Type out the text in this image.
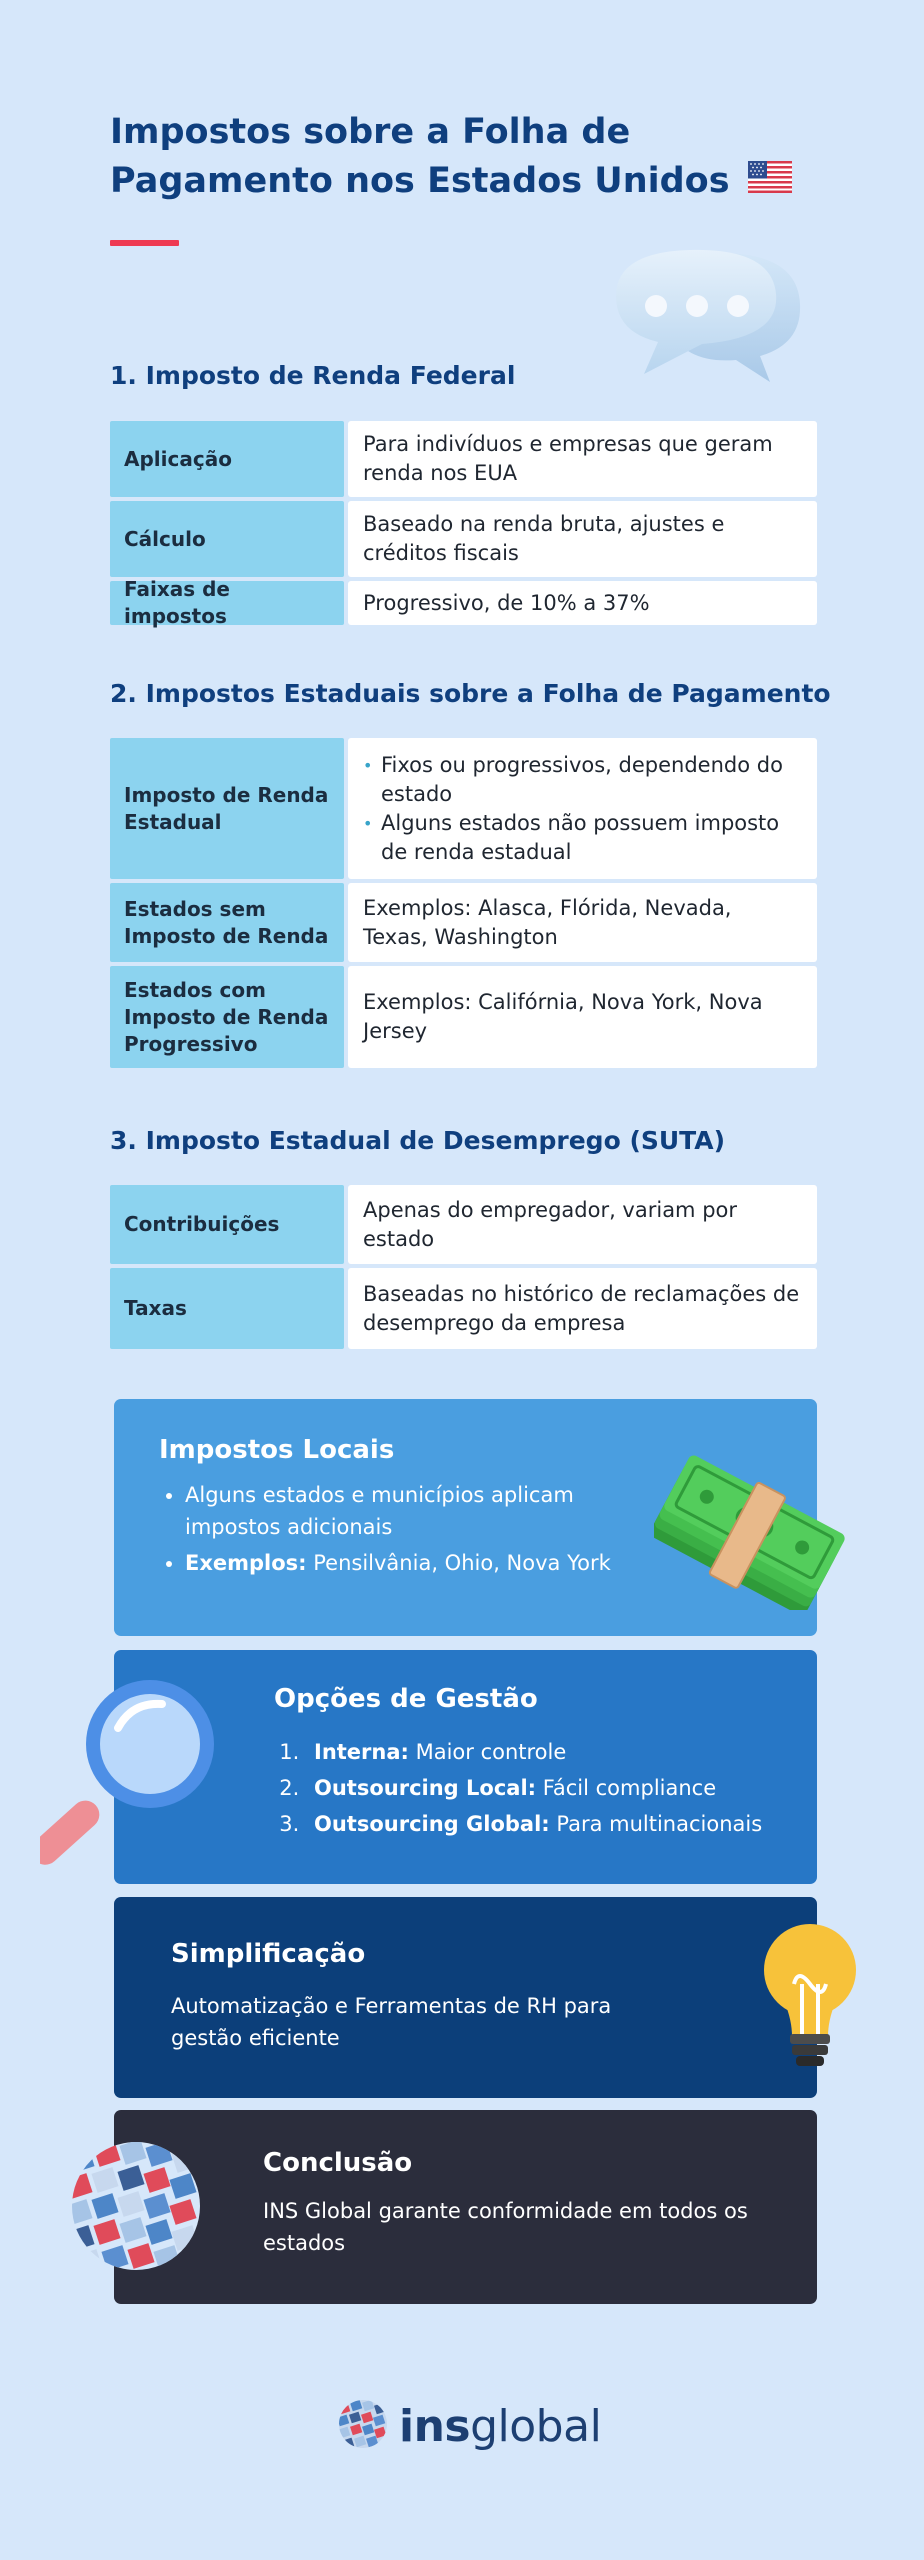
Impostos sobre a Folha de
Pagamento nos Estados Unidos
1. Imposto de Renda Federal
Aplicação
Para indivíduos e empresas que geram renda nos EUA
Cálculo
Baseado na renda bruta, ajustes e créditos fiscais
Faixas de impostos
Progressivo, de 10% a 37%
2. Impostos Estaduais sobre a Folha de Pagamento
Imposto de Renda Estadual
• Fixos ou progressivos, dependendo do estado
• Alguns estados não possuem imposto de renda estadual
Estados sem Imposto de Renda
Exemplos: Alasca, Flórida, Nevada, Texas, Washington
Estados com Imposto de Renda Progressivo
Exemplos: Califórnia, Nova York, Nova Jersey
3. Imposto Estadual de Desemprego (SUTA)
Contribuições
Apenas do empregador, variam por estado
Taxas
Baseadas no histórico de reclamações de desemprego da empresa
Impostos Locais
• Alguns estados e municípios aplicam impostos adicionais
• Exemplos: Pensilvânia, Ohio, Nova York
Opções de Gestão
1. Interna: Maior controle
2. Outsourcing Local: Fácil compliance
3. Outsourcing Global: Para multinacionais
Simplificação
Automatização e Ferramentas de RH para gestão eficiente
Conclusão
INS Global garante conformidade em todos os estados
insglobal
